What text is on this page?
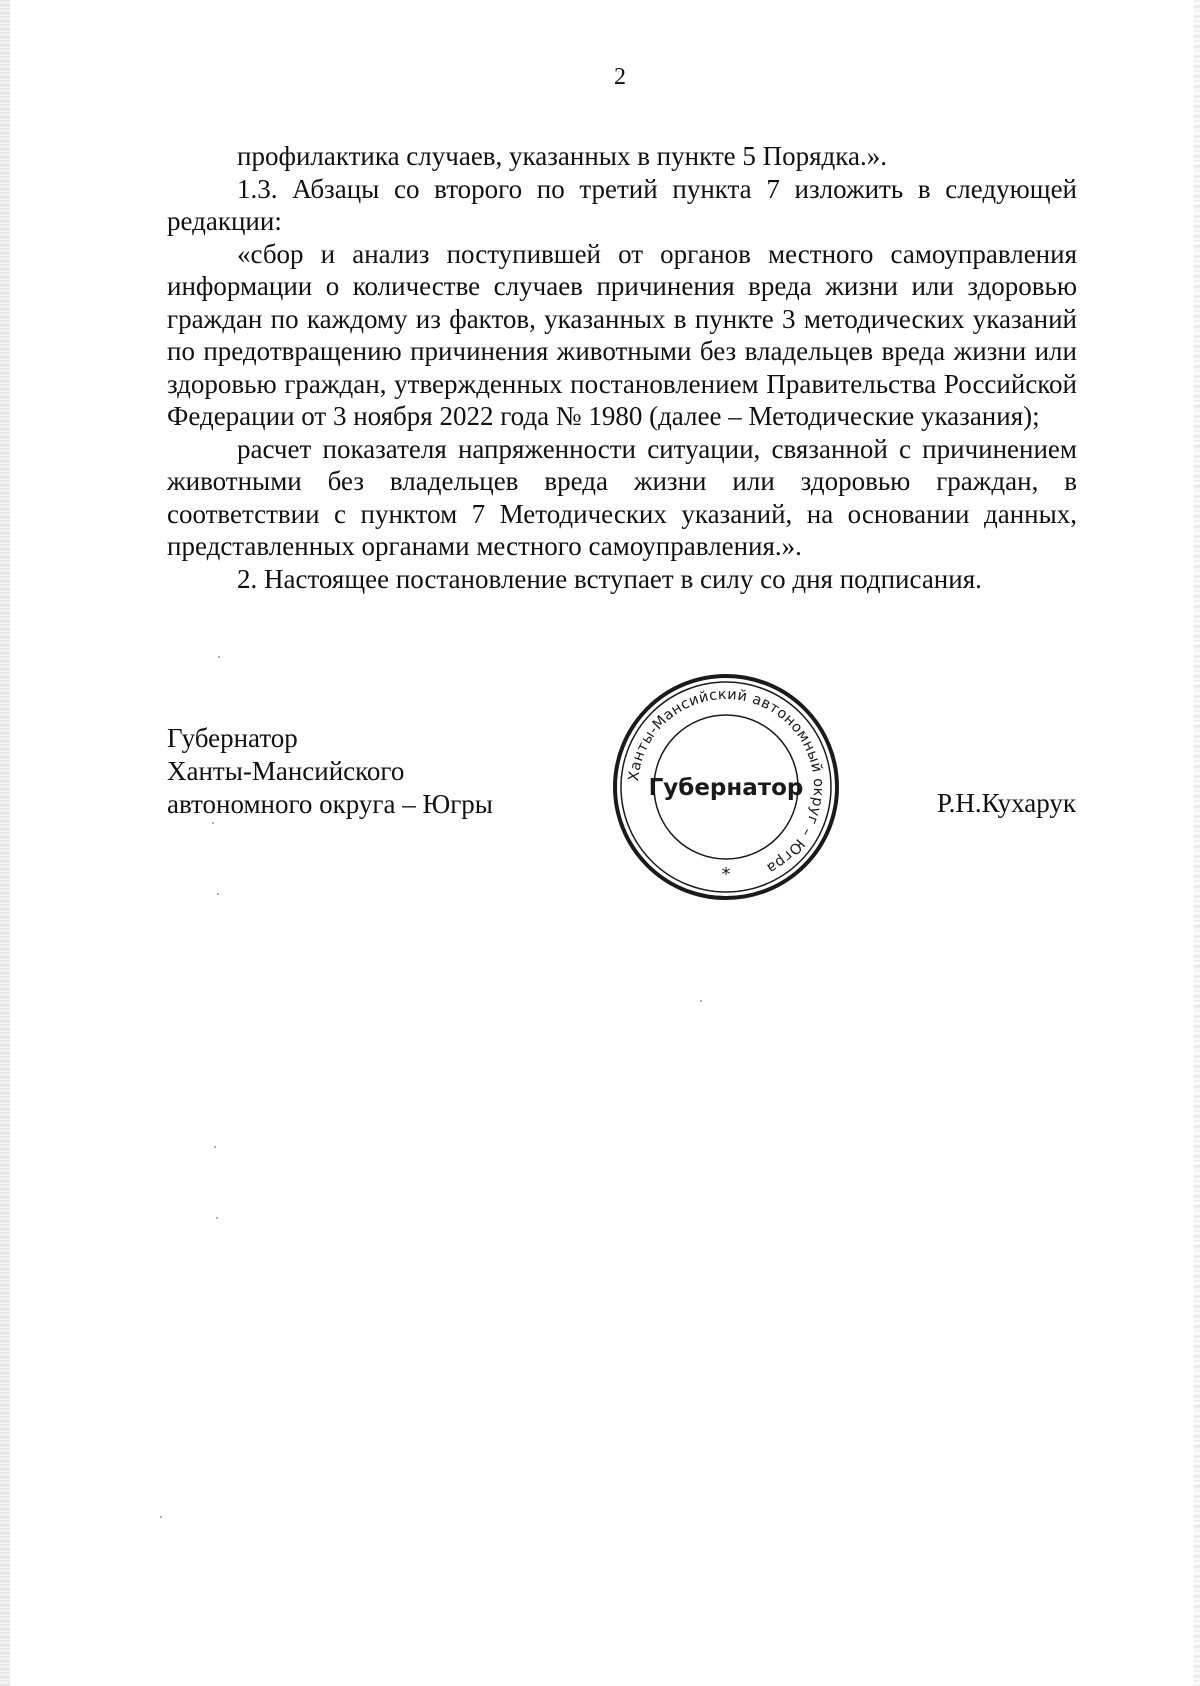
2

профилактика случаев, указанных в пункте 5 Порядка.».

1.3. Абзацы со второго по третий пункта 7 изложить в следующей редакции:

«сбор и анализ поступившей от органов местного самоуправления информации о количестве случаев причинения вреда жизни или здоровью граждан по каждому из фактов, указанных в пункте 3 методических указаний по предотвращению причинения животными без владельцев вреда жизни или здоровью граждан, утвержденных постановлением Правительства Российской Федерации от 3 ноября 2022 года № 1980 (далее – Методические указания);

расчет показателя напряженности ситуации, связанной с причинением животными без владельцев вреда жизни или здоровью граждан, в соответствии с пунктом 7 Методических указаний, на основании данных, представленных органами местного самоуправления.».

2. Настоящее постановление вступает в силу со дня подписания.

Губернатор
Ханты-Мансийского
автономного округа – Югры
Ханты-Мансийский автономный округ – Югра
Губернатор
*
Р.Н.Кухарук
